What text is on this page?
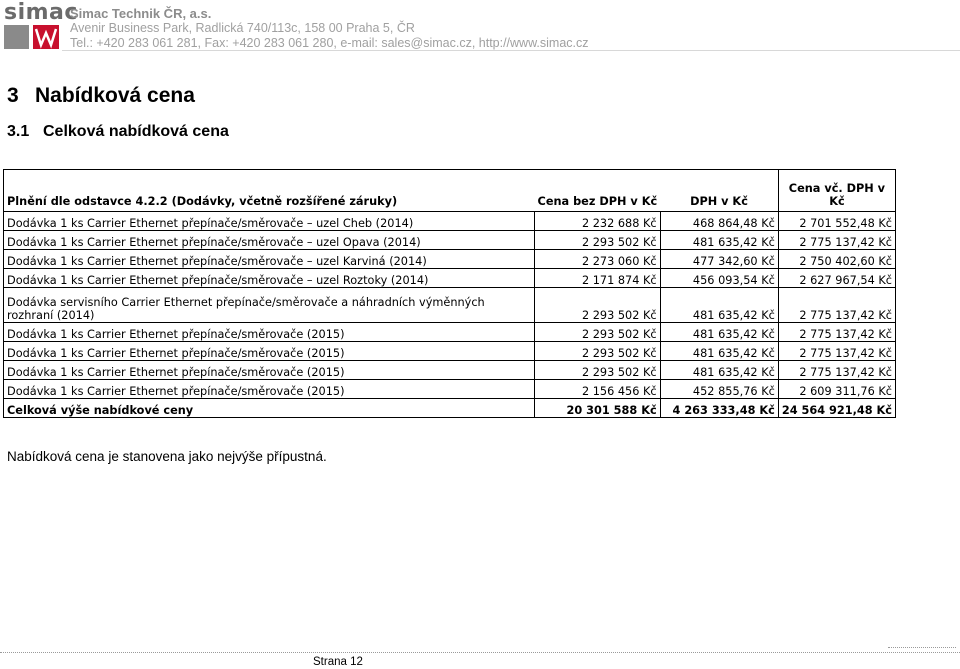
simac
Simac Technik ČR, a.s.
Avenir Business Park, Radlická 740/113c, 158 00 Praha 5, ČR
Tel.: +420 283 061 281, Fax: +420 283 061 280, e-mail: sales@simac.cz, http://www.simac.cz
3 Nabídková cena
3.1 Celková nabídková cena
Plnění dle odstavce 4.2.2 (Dodávky, včetně rozšířené záruky)	Cena bez DPH v Kč	DPH v Kč	Cena vč. DPH v Kč
Dodávka 1 ks Carrier Ethernet přepínače/směrovače – uzel Cheb (2014)	2 232 688 Kč	468 864,48 Kč	2 701 552,48 Kč
Dodávka 1 ks Carrier Ethernet přepínače/směrovače – uzel Opava (2014)	2 293 502 Kč	481 635,42 Kč	2 775 137,42 Kč
Dodávka 1 ks Carrier Ethernet přepínače/směrovače – uzel Karviná (2014)	2 273 060 Kč	477 342,60 Kč	2 750 402,60 Kč
Dodávka 1 ks Carrier Ethernet přepínače/směrovače – uzel Roztoky (2014)	2 171 874 Kč	456 093,54 Kč	2 627 967,54 Kč
Dodávka servisního Carrier Ethernet přepínače/směrovače a náhradních výměnných rozhraní (2014)	2 293 502 Kč	481 635,42 Kč	2 775 137,42 Kč
Dodávka 1 ks Carrier Ethernet přepínače/směrovače (2015)	2 293 502 Kč	481 635,42 Kč	2 775 137,42 Kč
Dodávka 1 ks Carrier Ethernet přepínače/směrovače (2015)	2 293 502 Kč	481 635,42 Kč	2 775 137,42 Kč
Dodávka 1 ks Carrier Ethernet přepínače/směrovače (2015)	2 293 502 Kč	481 635,42 Kč	2 775 137,42 Kč
Dodávka 1 ks Carrier Ethernet přepínače/směrovače (2015)	2 156 456 Kč	452 855,76 Kč	2 609 311,76 Kč
Celková výše nabídkové ceny	20 301 588 Kč	4 263 333,48 Kč	24 564 921,48 Kč
Nabídková cena je stanovena jako nejvýše přípustná.
Strana 12
